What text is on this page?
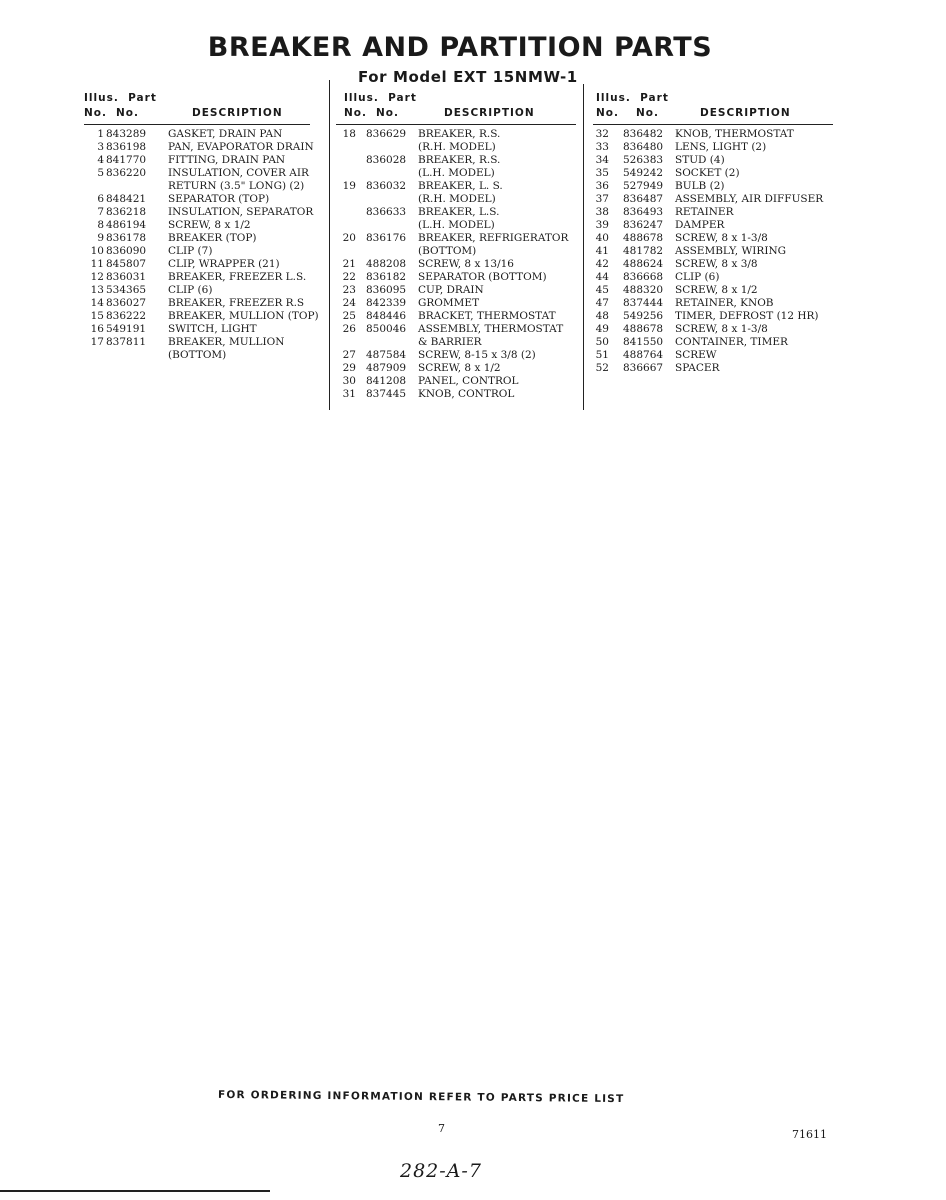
BREAKER AND PARTITION PARTS
For Model EXT 15NMW-1
Illus. Part
No. No.	DESCRIPTION
1 843289 GASKET, DRAIN PAN
3 836198 PAN, EVAPORATOR DRAIN
4 841770 FITTING, DRAIN PAN
5 836220 INSULATION, COVER AIR
RETURN (3.5" LONG) (2)
6 848421 SEPARATOR (TOP)
7 836218 INSULATION, SEPARATOR
8 486194 SCREW, 8 x 1/2
9 836178 BREAKER (TOP)
10 836090 CLIP (7)
11 845807 CLIP, WRAPPER (21)
12 836031 BREAKER, FREEZER L.S.
13 534365 CLIP (6)
14 836027 BREAKER, FREEZER R.S
15 836222 BREAKER, MULLION (TOP)
16 549191 SWITCH, LIGHT
17 837811 BREAKER, MULLION
(BOTTOM)
Illus. Part
No. No.	DESCRIPTION
18 836629 BREAKER, R.S.
(R.H. MODEL)
836028 BREAKER, R.S.
(L.H. MODEL)
19 836032 BREAKER, L. S.
(R.H. MODEL)
836633 BREAKER, L.S.
(L.H. MODEL)
20 836176 BREAKER, REFRIGERATOR
(BOTTOM)
21 488208 SCREW, 8 x 13/16
22 836182 SEPARATOR (BOTTOM)
23 836095 CUP, DRAIN
24 842339 GROMMET
25 848446 BRACKET, THERMOSTAT
26 850046 ASSEMBLY, THERMOSTAT
& BARRIER
27 487584 SCREW, 8-15 x 3/8 (2)
29 487909 SCREW, 8 x 1/2
30 841208 PANEL, CONTROL
31 837445 KNOB, CONTROL
Illus. Part
No. No.	DESCRIPTION
32 836482 KNOB, THERMOSTAT
33 836480 LENS, LIGHT (2)
34 526383 STUD (4)
35 549242 SOCKET (2)
36 527949 BULB (2)
37 836487 ASSEMBLY, AIR DIFFUSER
38 836493 RETAINER
39 836247 DAMPER
40 488678 SCREW, 8 x 1-3/8
41 481782 ASSEMBLY, WIRING
42 488624 SCREW, 8 x 3/8
44 836668 CLIP (6)
45 488320 SCREW, 8 x 1/2
47 837444 RETAINER, KNOB
48 549256 TIMER, DEFROST (12 HR)
49 488678 SCREW, 8 x 1-3/8
50 841550 CONTAINER, TIMER
51 488764 SCREW
52 836667 SPACER
FOR ORDERING INFORMATION REFER TO PARTS PRICE LIST
7	71611
282-A-7
